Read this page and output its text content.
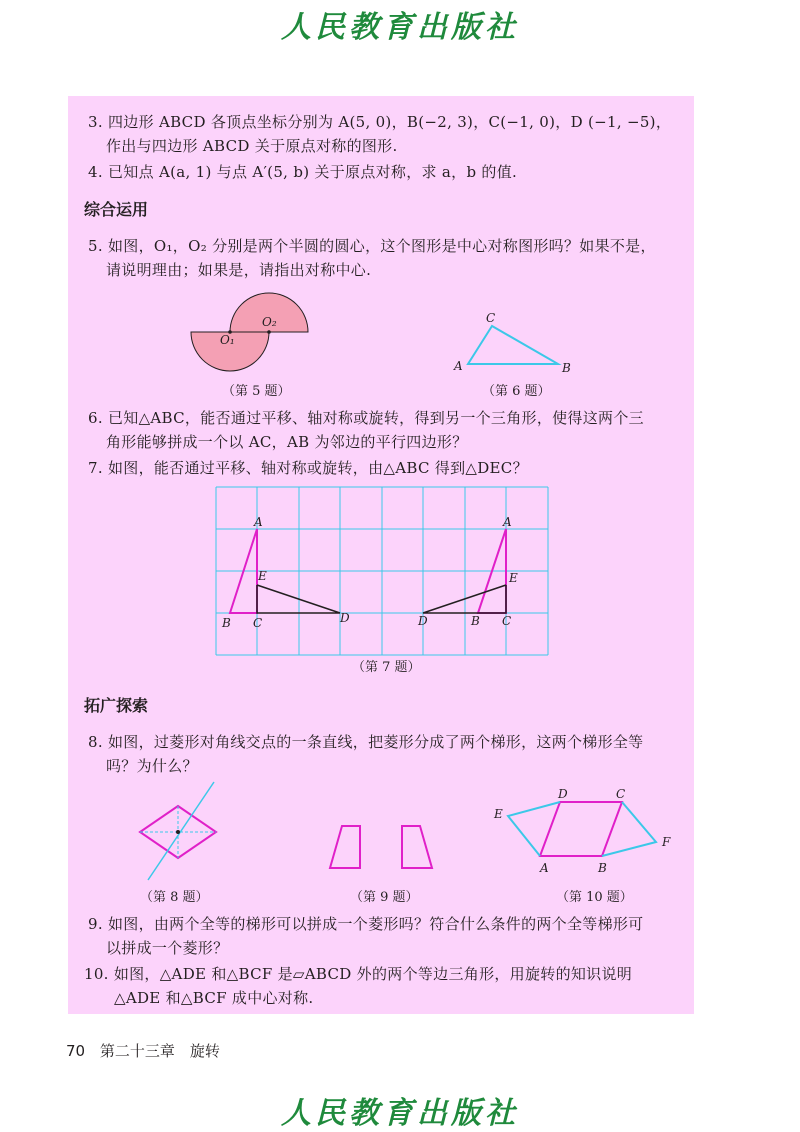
人民教育出版社
3. 四边形 ABCD 各顶点坐标分别为 A(5, 0)，B(−2, 3)，C(−1, 0)，D (−1, −5)，
作出与四边形 ABCD 关于原点对称的图形.
4. 已知点 A(a, 1) 与点 A′(5, b) 关于原点对称，求 a，b 的值.
综合运用
5. 如图，O₁，O₂ 分别是两个半圆的圆心，这个图形是中心对称图形吗？如果不是，
请说明理由；如果是，请指出对称中心.
O₁
O₂
（第 5 题）
C
A	B
（第 6 题）
6. 已知△ABC，能否通过平移、轴对称或旋转，得到另一个三角形，使得这两个三
角形能够拼成一个以 AC，AB 为邻边的平行四边形？
7. 如图，能否通过平移、轴对称或旋转，由△ABC 得到△DEC？
A
E
B C	D
A
E
B C
D
（第 7 题）
拓广探索
8. 如图，过菱形对角线交点的一条直线，把菱形分成了两个梯形，这两个梯形全等
吗？为什么？
（第 8 题）	（第 9 题）
D	C
E
F
A	B
（第 10 题）
9. 如图，由两个全等的梯形可以拼成一个菱形吗？符合什么条件的两个全等梯形可
以拼成一个菱形？
10. 如图，△ADE 和△BCF 是▱ABCD 外的两个等边三角形，用旋转的知识说明
△ADE 和△BCF 成中心对称.
70 第二十三章　旋转
人民教育出版社
